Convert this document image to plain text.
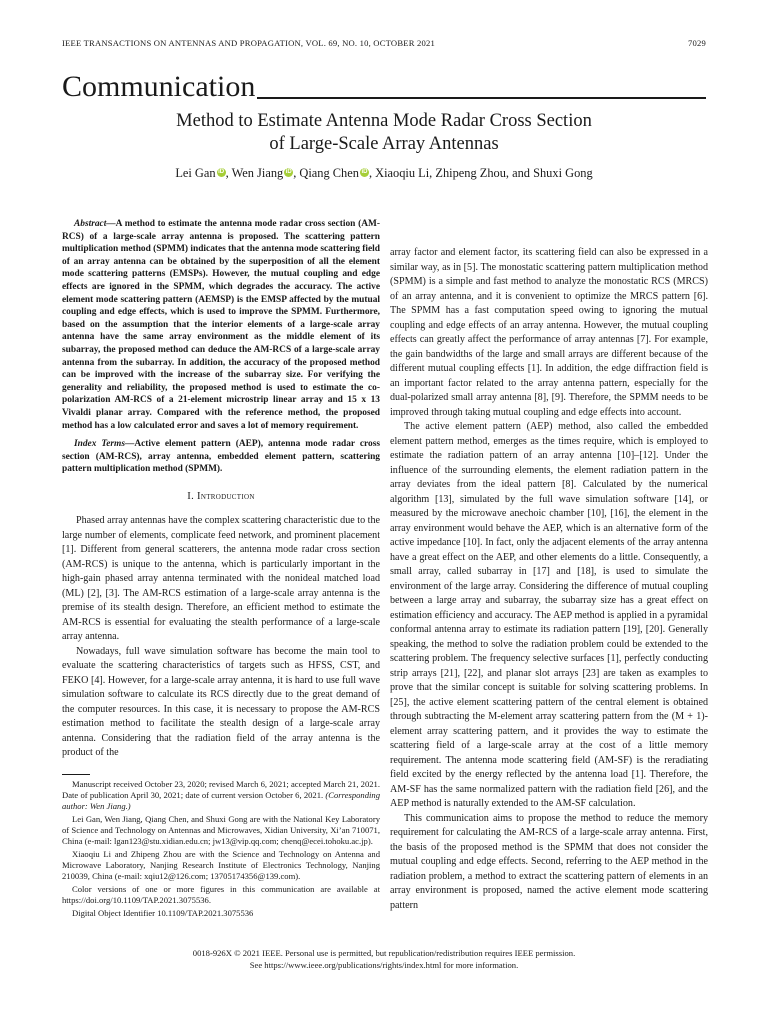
IEEE TRANSACTIONS ON ANTENNAS AND PROPAGATION, VOL. 69, NO. 10, OCTOBER 2021	7029
Communication
Method to Estimate Antenna Mode Radar Cross Section
of Large-Scale Array Antennas
Lei Gan iD , Wen Jiang iD , Qiang Chen iD , Xiaoqiu Li, Zhipeng Zhou, and Shuxi Gong

Abstract—A method to estimate the antenna mode radar cross section (AM-RCS) of a large-scale array antenna is proposed. The scattering pattern multiplication method (SPMM) indicates that the antenna mode scattering field of an array antenna can be obtained by the superposition of all the element mode scattering patterns (EMSPs). However, the mutual coupling and edge effects are ignored in the SPMM, which degrades the accuracy. The active element mode scattering pattern (AEMSP) is the EMSP affected by the mutual coupling and edge effects, which is used to improve the SPMM. Furthermore, based on the assumption that the interior elements of a large-scale array antenna have the same array environment as the middle element of its subarray, the proposed method can deduce the AM-RCS of a large-scale array antenna from the subarray. In addition, the accuracy of the proposed method can be improved with the increase of the subarray size. For verifying the generality and reliability, the proposed method is used to estimate the co-polarization AM-RCS of a 21-element microstrip linear array and 15 x 13 Vivaldi planar array. Compared with the reference method, the proposed method has a low calculated error and saves a lot of memory requirement.

Index Terms—Active element pattern (AEP), antenna mode radar cross section (AM-RCS), array antenna, embedded element pattern, scattering pattern multiplication method (SPMM).

I. Introduction

Phased array antennas have the complex scattering characteristic due to the large number of elements, complicate feed network, and prominent placement [1]. Different from general scatterers, the antenna mode radar cross section (AM-RCS) is unique to the antenna, which is particularly important in the high-gain phased array antenna terminated with the nonideal matched load (ML) [2], [3]. The AM-RCS estimation of a large-scale array antenna is the premise of its stealth design. Therefore, an efficient method to estimate the AM-RCS is essential for evaluating the stealth performance of a large-scale array antenna.

Nowadays, full wave simulation software has become the main tool to evaluate the scattering characteristics of targets such as HFSS, CST, and FEKO [4]. However, for a large-scale array antenna, it is hard to use full wave simulation software to calculate its RCS directly due to the great demand of the computer resources. In this case, it is necessary to propose the AM-RCS estimation method to facilitate the stealth design of a large-scale array antenna. Considering that the radiation field of the array antenna is the product of the

Manuscript received October 23, 2020; revised March 6, 2021; accepted March 21, 2021. Date of publication April 30, 2021; date of current version October 6, 2021. (Corresponding author: Wen Jiang.)

Lei Gan, Wen Jiang, Qiang Chen, and Shuxi Gong are with the National Key Laboratory of Science and Technology on Antennas and Microwaves, Xidian University, Xi’an 710071, China (e-mail: lgan123@stu.xidian.edu.cn; jw13@vip.qq.com; chenq@ecei.tohoku.ac.jp).

Xiaoqiu Li and Zhipeng Zhou are with the Science and Technology on Antenna and Microwave Laboratory, Nanjing Research Institute of Electronics Technology, Nanjing 210039, China (e-mail: xqiu12@126.com; 13705174356@139.com).

Color versions of one or more figures in this communication are available at https://doi.org/10.1109/TAP.2021.3075536.

Digital Object Identifier 10.1109/TAP.2021.3075536

array factor and element factor, its scattering field can also be expressed in a similar way, as in [5]. The monostatic scattering pattern multiplication method (SPMM) is a simple and fast method to analyze the monostatic RCS (MRCS) of an array antenna, and it is convenient to optimize the MRCS pattern [6]. The SPMM has a fast computation speed owing to ignoring the mutual coupling and edge effects of an array antenna. However, the mutual coupling effects can greatly affect the performance of array antennas [7]. For example, the gain bandwidths of the large and small arrays are different because of the different mutual coupling effects [1]. In addition, the edge diffraction field is an important factor related to the array antenna pattern, especially for the dual-polarized small array antenna [8], [9]. Therefore, the SPMM needs to be improved through taking mutual coupling and edge effects into account.

The active element pattern (AEP) method, also called the embedded element pattern method, emerges as the times require, which is employed to estimate the radiation pattern of an array antenna [10]–[12]. Under the influence of the surrounding elements, the element radiation pattern in the array deviates from the ideal pattern [8]. Calculated by the numerical algorithm [13], simulated by the full wave simulation software [14], or measured by the microwave anechoic chamber [10], [16], the element in the array environment would behave the AEP, which is an alternative form of the active impedance [10]. In fact, only the adjacent elements of the array antenna have a great effect on the AEP, and other elements do a little. Consequently, a small array, called subarray in [17] and [18], is used to simulate the environment of the large array. Considering the difference of mutual coupling between a large array and subarray, the subarray size has a great effect on estimation efficiency and accuracy. The AEP method is applied in a pyramidal conformal antenna array to estimate its radiation pattern [19], [20]. Generally speaking, the method to solve the radiation problem could be extended to the scattering problem. The frequency selective surfaces [1], perfectly conducting strip arrays [21], [22], and planar slot arrays [23] are taken as examples to prove that the similar concept is suitable for solving scattering problems. In [25], the active element scattering pattern of the central element is obtained through subtracting the M-element array scattering pattern from the (M + 1)-element array scattering pattern, and it provides the way to estimate the scattering field of a large-scale array at the cost of a little memory requirement. The antenna mode scattering field (AM-SF) is the reradiating field excited by the energy reflected by the antenna load [1]. Therefore, the AM-SF has the same normalized pattern with the radiation field [26], and the AEP method is naturally extended to the AM-SF calculation.

This communication aims to propose the method to reduce the memory requirement for calculating the AM-RCS of a large-scale array antenna. First, the basis of the proposed method is the SPMM that does not consider the mutual coupling and edge effects. Second, referring to the AEP method in the radiation problem, a method to extract the scattering pattern of elements in an array environment is proposed, named the active element mode scattering pattern

0018-926X © 2021 IEEE. Personal use is permitted, but republication/redistribution requires IEEE permission.
See https://www.ieee.org/publications/rights/index.html for more information.
